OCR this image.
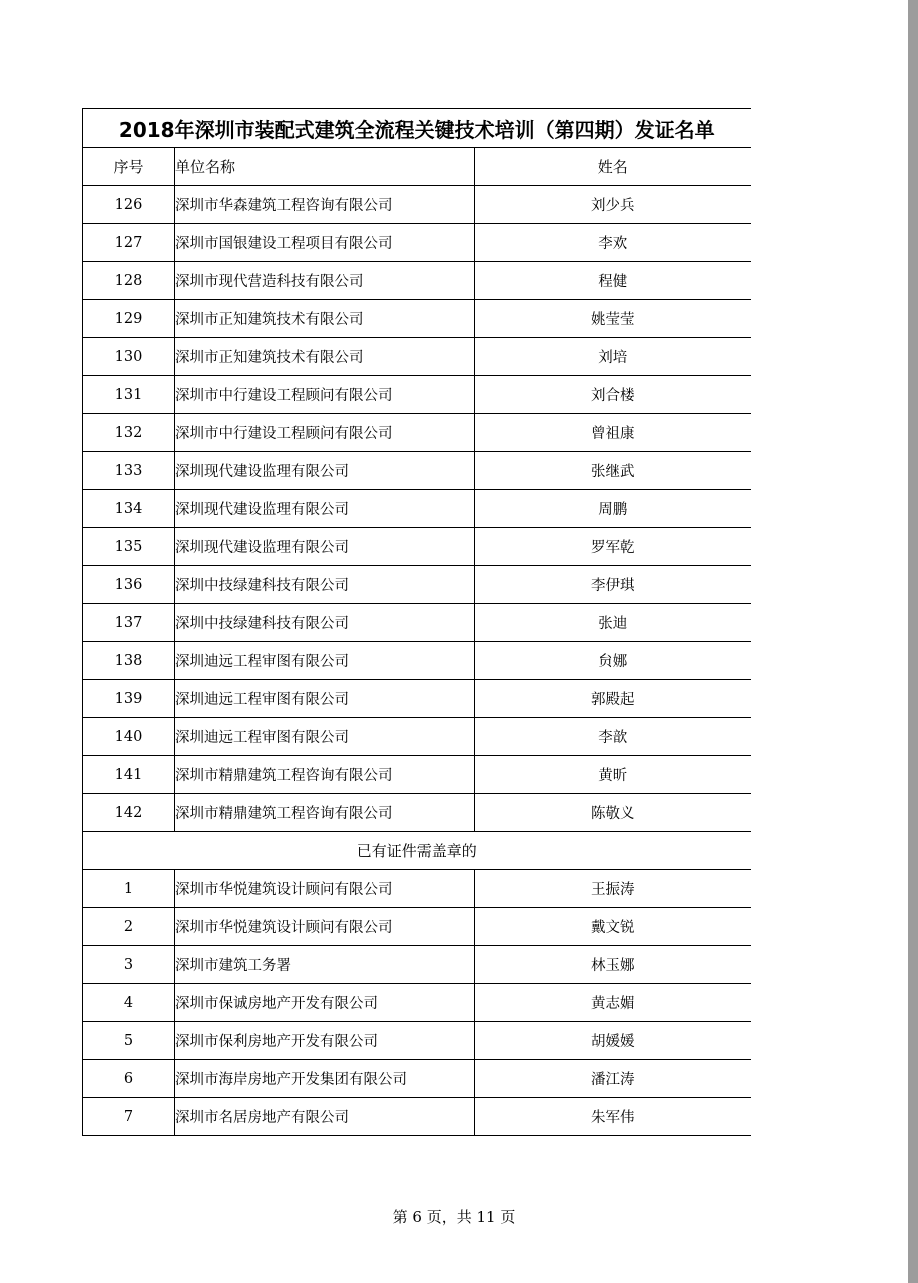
2018年深圳市装配式建筑全流程关键技术培训（第四期）发证名单		
序号	单位名称	姓名
126	深圳市华森建筑工程咨询有限公司	刘少兵
127	深圳市国银建设工程项目有限公司	李欢
128	深圳市现代营造科技有限公司	程健
129	深圳市正知建筑技术有限公司	姚莹莹
130	深圳市正知建筑技术有限公司	刘培
131	深圳市中行建设工程顾问有限公司	刘合楼
132	深圳市中行建设工程顾问有限公司	曾祖康
133	深圳现代建设监理有限公司	张继武
134	深圳现代建设监理有限公司	周鹏
135	深圳现代建设监理有限公司	罗军乾
136	深圳中技绿建科技有限公司	李伊琪
137	深圳中技绿建科技有限公司	张迪
138	深圳迪远工程审图有限公司	贠娜
139	深圳迪远工程审图有限公司	郭殿起
140	深圳迪远工程审图有限公司	李歆
141	深圳市精鼎建筑工程咨询有限公司	黄昕
142	深圳市精鼎建筑工程咨询有限公司	陈敬义
已有证件需盖章的		
1	深圳市华悦建筑设计顾问有限公司	王振涛
2	深圳市华悦建筑设计顾问有限公司	戴文锐
3	深圳市建筑工务署	林玉娜
4	深圳市保诚房地产开发有限公司	黄志媚
5	深圳市保利房地产开发有限公司	胡媛媛
6	深圳市海岸房地产开发集团有限公司	潘江涛
7	深圳市名居房地产有限公司	朱军伟
第 6 页，共 11 页
